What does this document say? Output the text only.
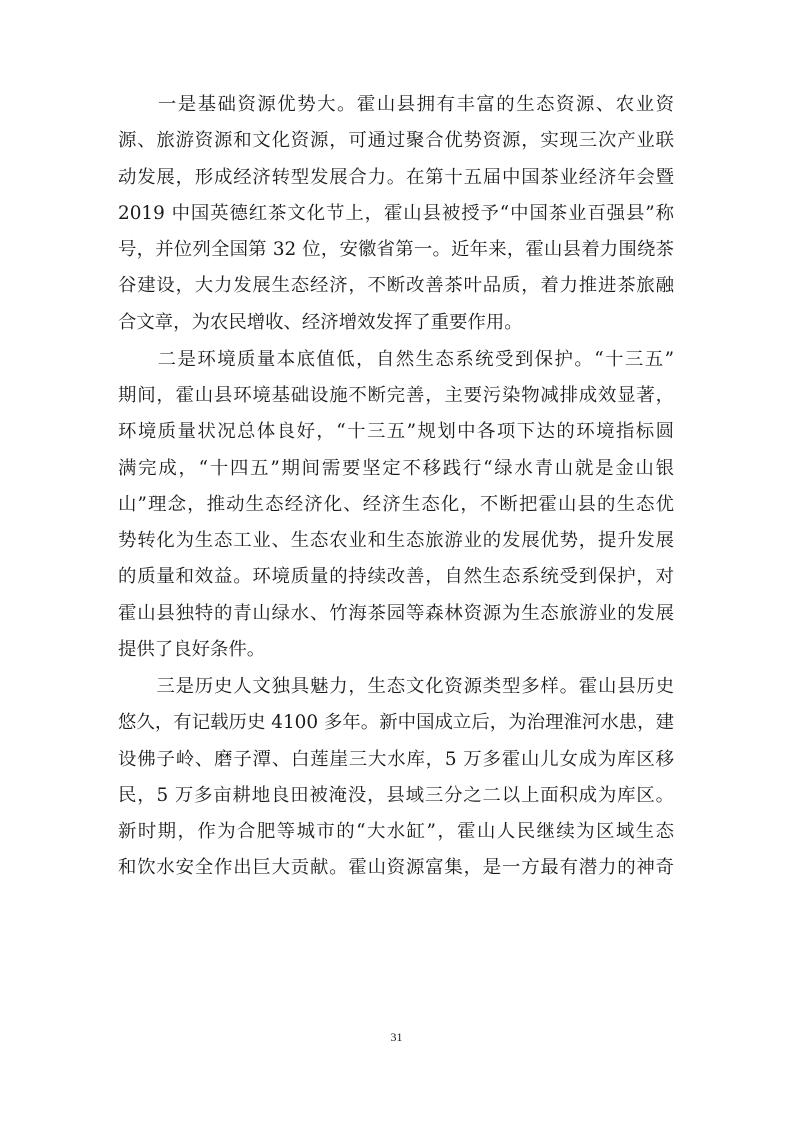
　　一是基础资源优势大。霍山县拥有丰富的生态资源、农业资
源、旅游资源和文化资源，可通过聚合优势资源，实现三次产业联
动发展，形成经济转型发展合力。在第十五届中国茶业经济年会暨
2019 中国英德红茶文化节上，霍山县被授予“中国茶业百强县”称
号，并位列全国第 32 位，安徽省第一。近年来，霍山县着力围绕茶
谷建设，大力发展生态经济，不断改善茶叶品质，着力推进茶旅融
合文章，为农民增收、经济增效发挥了重要作用。
　　二是环境质量本底值低，自然生态系统受到保护。“十三五”
期间，霍山县环境基础设施不断完善，主要污染物减排成效显著，
环境质量状况总体良好，“十三五”规划中各项下达的环境指标圆
满完成，“十四五”期间需要坚定不移践行“绿水青山就是金山银
山”理念，推动生态经济化、经济生态化，不断把霍山县的生态优
势转化为生态工业、生态农业和生态旅游业的发展优势，提升发展
的质量和效益。环境质量的持续改善，自然生态系统受到保护，对
霍山县独特的青山绿水、竹海茶园等森林资源为生态旅游业的发展
提供了良好条件。
　　三是历史人文独具魅力，生态文化资源类型多样。霍山县历史
悠久，有记载历史 4100 多年。新中国成立后，为治理淮河水患，建
设佛子岭、磨子潭、白莲崖三大水库，5 万多霍山儿女成为库区移
民，5 万多亩耕地良田被淹没，县域三分之二以上面积成为库区。
新时期，作为合肥等城市的“大水缸”，霍山人民继续为区域生态
和饮水安全作出巨大贡献。霍山资源富集，是一方最有潜力的神奇
31
